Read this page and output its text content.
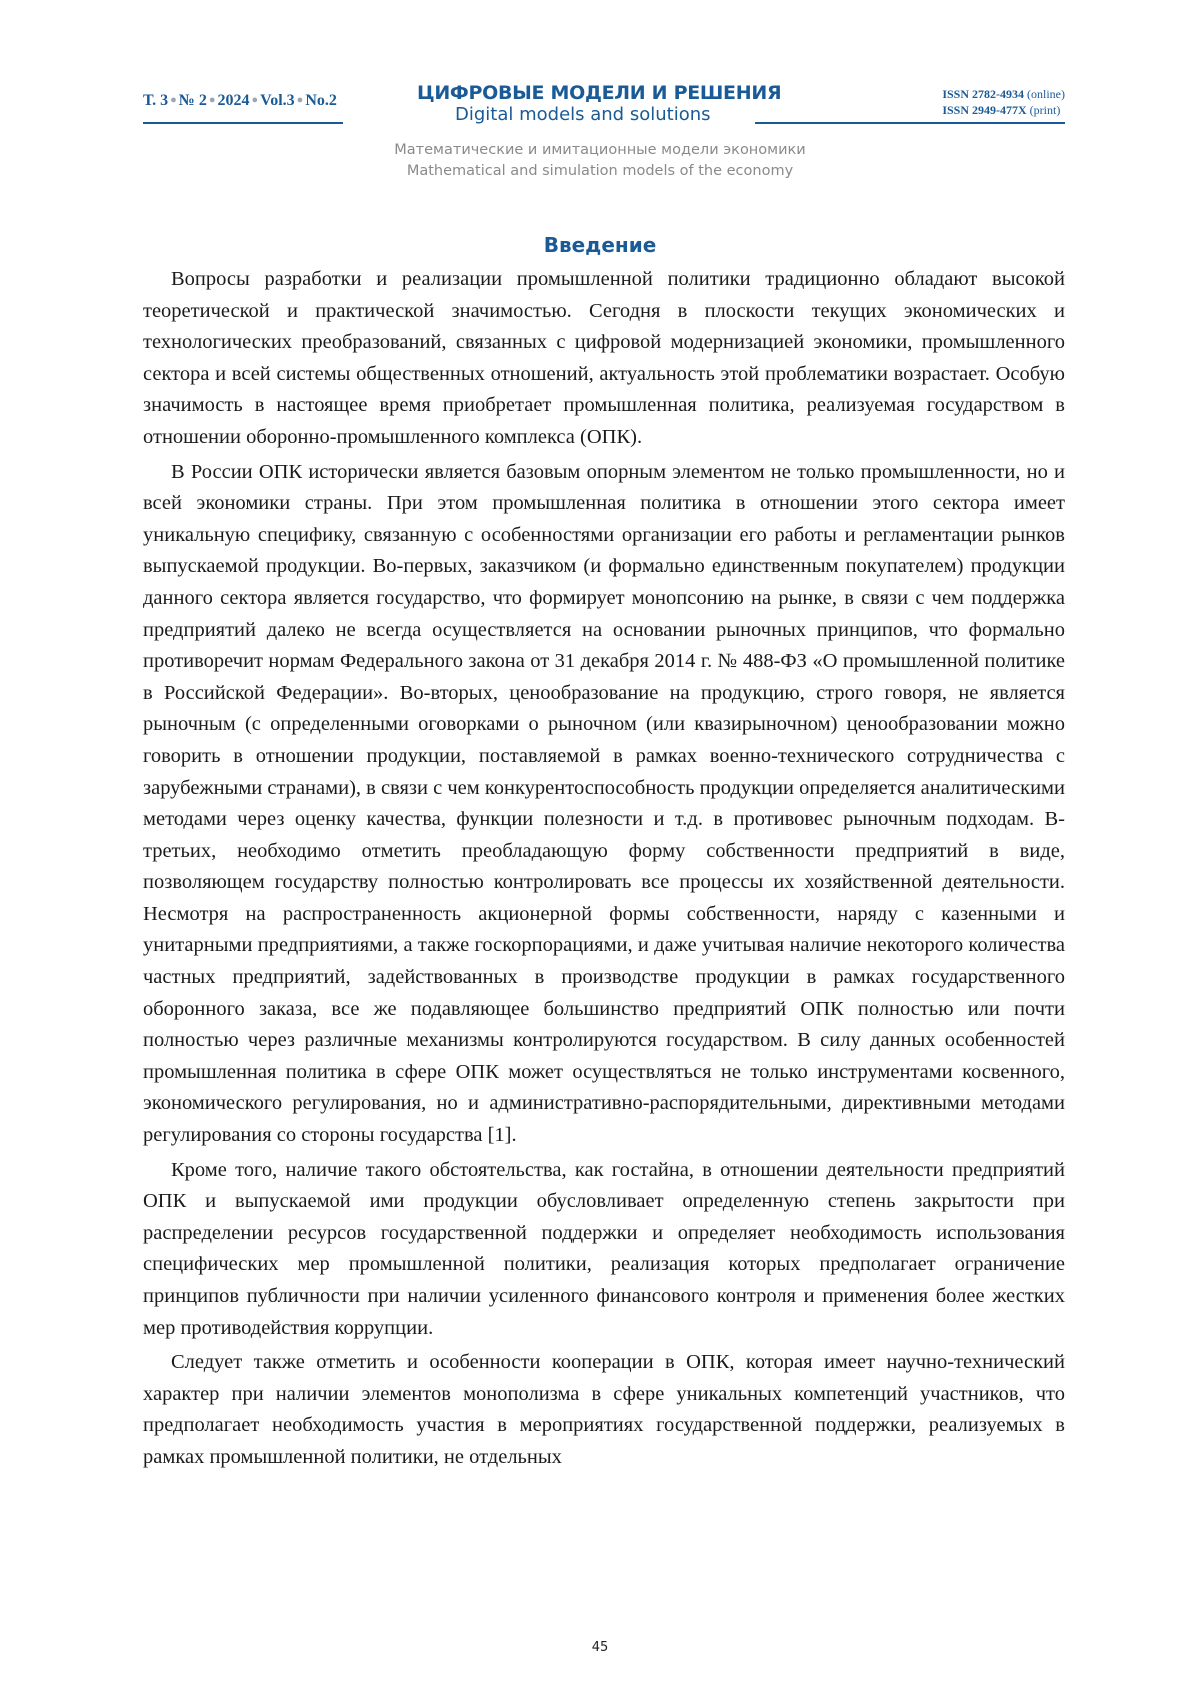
Т. 3 ● № 2 ● 2024 ● Vol.3 ● No.2	ЦИФРОВЫЕ МОДЕЛИ И РЕШЕНИЯ
Digital models and solutions
ISSN 2782-4934 (online)
ISSN 2949-477X (print)
Математические и имитационные модели экономики
Mathematical and simulation models of the economy
Введение

Вопросы разработки и реализации промышленной политики традиционно обладают высокой теоретической и практической значимостью. Сегодня в плоскости текущих экономических и технологических преобразований, связанных с цифровой модернизацией экономики, промышленного сектора и всей системы общественных отношений, актуальность этой проблематики возрастает. Особую значимость в настоящее время приобретает промышленная политика, реализуемая государством в отношении оборонно-промышленного комплекса (ОПК).

В России ОПК исторически является базовым опорным элементом не только промышленности, но и всей экономики страны. При этом промышленная политика в отношении этого сектора имеет уникальную специфику, связанную с особенностями организации его работы и регламентации рынков выпускаемой продукции. Во-первых, заказчиком (и формально единственным покупателем) продукции данного сектора является государство, что формирует монопсонию на рынке, в связи с чем поддержка предприятий далеко не всегда осуществляется на основании рыночных принципов, что формально противоречит нормам Федерального закона от 31 декабря 2014 г. № 488-ФЗ «О промышленной политике в Российской Федерации». Во-вторых, ценообразование на продукцию, строго говоря, не является рыночным (с определенными оговорками о рыночном (или квазирыночном) ценообразовании можно говорить в отношении продукции, поставляемой в рамках военно-технического сотрудничества с зарубежными странами), в связи с чем конкурентоспособность продукции определяется аналитическими методами через оценку качества, функции полезности и т.д. в противовес рыночным подходам. В-третьих, необходимо отметить преобладающую форму собственности предприятий в виде, позволяющем государству полностью контролировать все процессы их хозяйственной деятельности. Несмотря на распространенность акционерной формы собственности, наряду с казенными и унитарными предприятиями, а также госкорпорациями, и даже учитывая наличие некоторого количества частных предприятий, задействованных в производстве продукции в рамках государственного оборонного заказа, все же подавляющее большинство предприятий ОПК полностью или почти полностью через различные механизмы контролируются государством. В силу данных особенностей промышленная политика в сфере ОПК может осуществляться не только инструментами косвенного, экономического регулирования, но и административно-распорядительными, директивными методами регулирования со стороны государства [1].

Кроме того, наличие такого обстоятельства, как гостайна, в отношении деятельности предприятий ОПК и выпускаемой ими продукции обусловливает определенную степень закрытости при распределении ресурсов государственной поддержки и определяет необходимость использования специфических мер промышленной политики, реализация которых предполагает ограничение принципов публичности при наличии усиленного финансового контроля и применения более жестких мер противодействия коррупции.

Следует также отметить и особенности кооперации в ОПК, которая имеет научно-технический характер при наличии элементов монополизма в сфере уникальных компетенций участников, что предполагает необходимость участия в мероприятиях государственной поддержки, реализуемых в рамках промышленной политики, не отдельных

45
